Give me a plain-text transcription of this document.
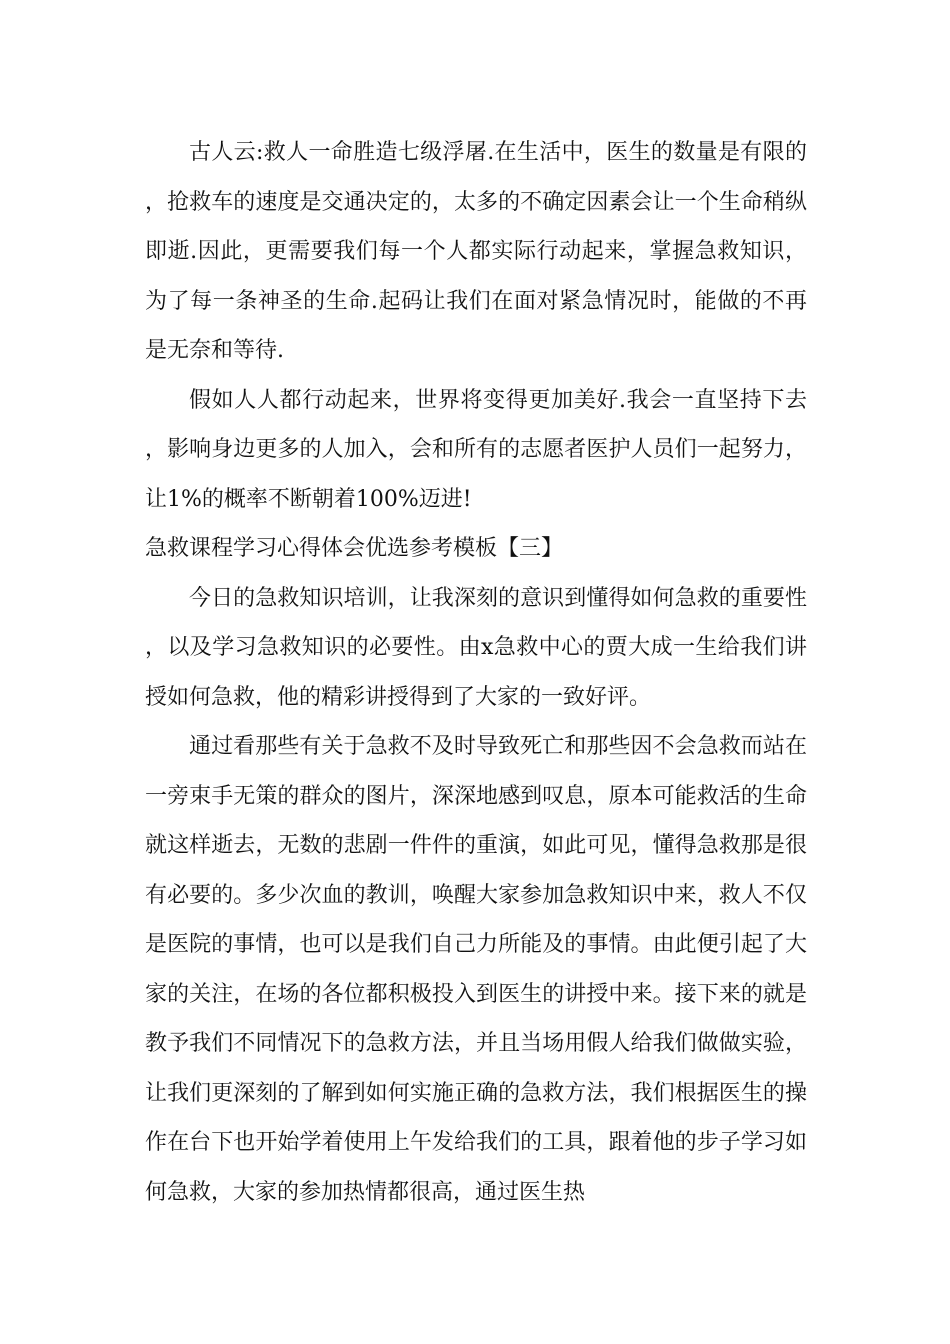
古人云:救人一命胜造七级浮屠.在生活中，医生的数量是有限的，抢救车的速度是交通决定的，太多的不确定因素会让一个生命稍纵即逝.因此，更需要我们每一个人都实际行动起来，掌握急救知识，为了每一条神圣的生命.起码让我们在面对紧急情况时，能做的不再是无奈和等待.

假如人人都行动起来，世界将变得更加美好.我会一直坚持下去，影响身边更多的人加入，会和所有的志愿者医护人员们一起努力，让1%的概率不断朝着100%迈进!

急救课程学习心得体会优选参考模板【三】

今日的急救知识培训，让我深刻的意识到懂得如何急救的重要性，以及学习急救知识的必要性。由x急救中心的贾大成一生给我们讲授如何急救，他的精彩讲授得到了大家的一致好评。

通过看那些有关于急救不及时导致死亡和那些因不会急救而站在一旁束手无策的群众的图片，深深地感到叹息，原本可能救活的生命就这样逝去，无数的悲剧一件件的重演，如此可见，懂得急救那是很有必要的。多少次血的教训，唤醒大家参加急救知识中来，救人不仅是医院的事情，也可以是我们自己力所能及的事情。由此便引起了大家的关注，在场的各位都积极投入到医生的讲授中来。接下来的就是教予我们不同情况下的急救方法，并且当场用假人给我们做做实验，让我们更深刻的了解到如何实施正确的急救方法，我们根据医生的操作在台下也开始学着使用上午发给我们的工具，跟着他的步子学习如何急救，大家的参加热情都很高，通过医生热
